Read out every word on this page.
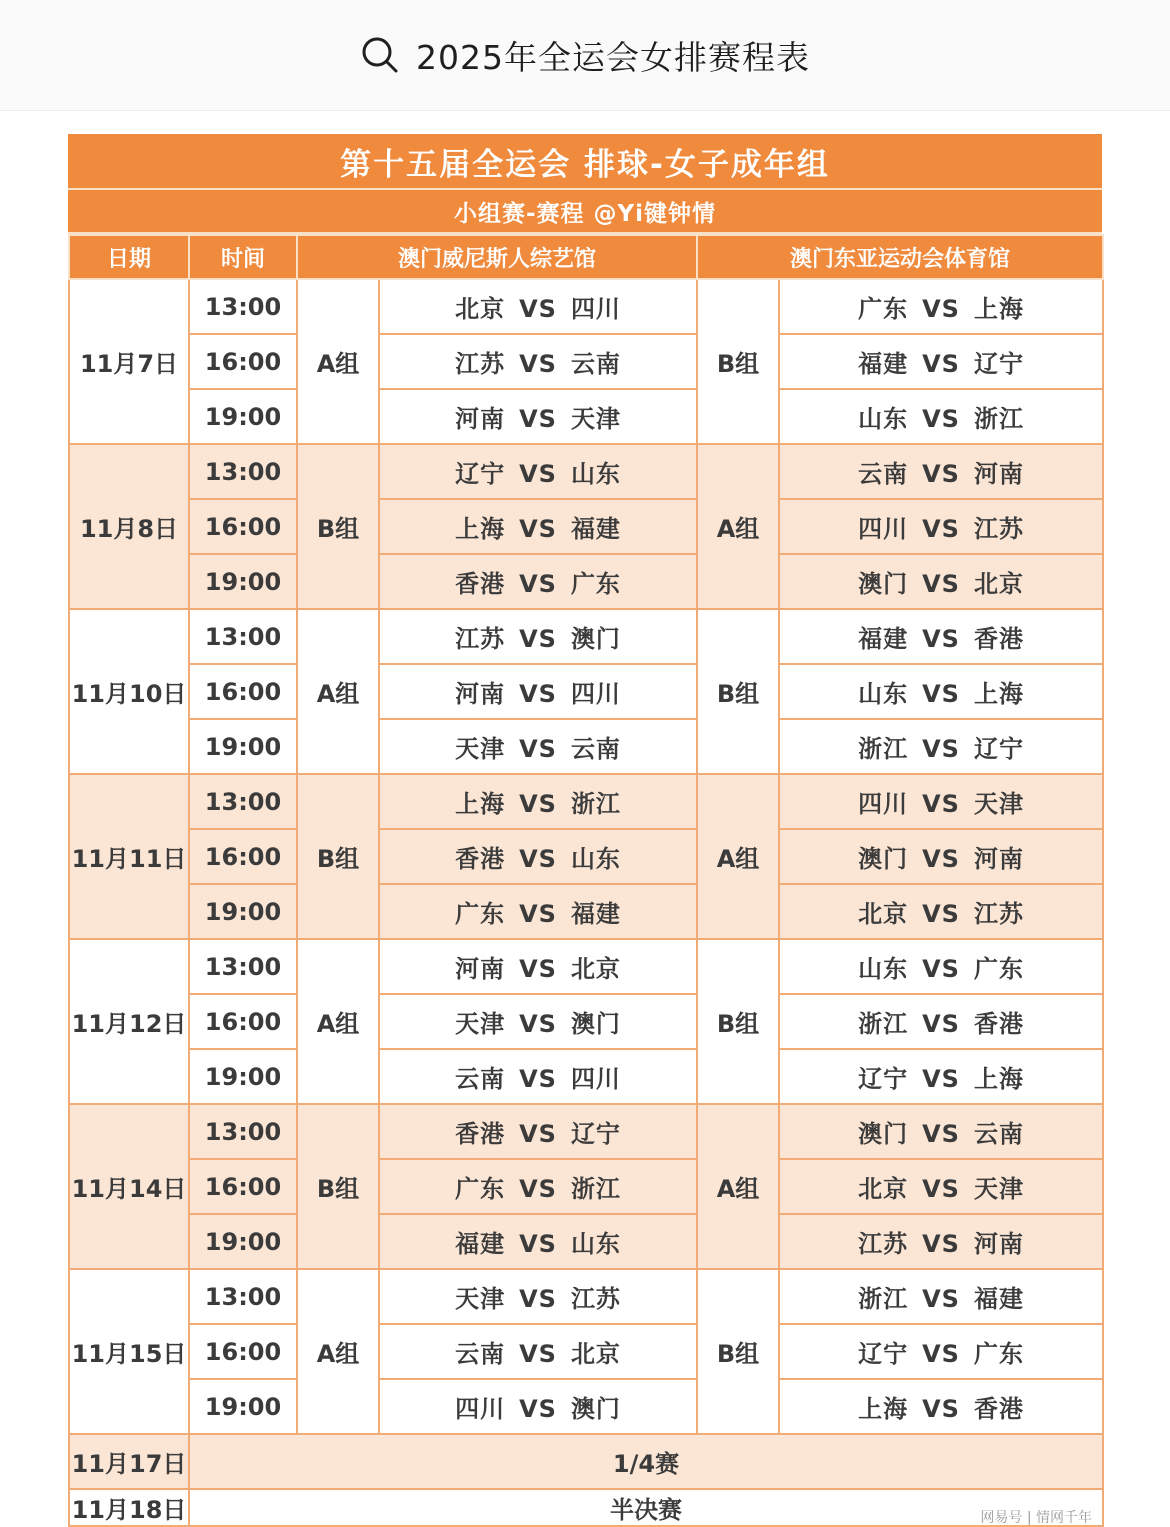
2025年全运会女排赛程表
第十五届全运会 排球-女子成年组
小组赛-赛程 @Yi键钟情
日期	时间	澳门威尼斯人综艺馆		澳门东亚运动会体育馆	
11月7日	13:00	A组	北京 VS 四川	B组	广东 VS 上海
	16:00		江苏 VS 云南		福建 VS 辽宁
	19:00		河南 VS 天津		山东 VS 浙江
11月8日	13:00	B组	辽宁 VS 山东	A组	云南 VS 河南
	16:00		上海 VS 福建		四川 VS 江苏
	19:00		香港 VS 广东		澳门 VS 北京
11月10日	13:00	A组	江苏 VS 澳门	B组	福建 VS 香港
	16:00		河南 VS 四川		山东 VS 上海
	19:00		天津 VS 云南		浙江 VS 辽宁
11月11日	13:00	B组	上海 VS 浙江	A组	四川 VS 天津
	16:00		香港 VS 山东		澳门 VS 河南
	19:00		广东 VS 福建		北京 VS 江苏
11月12日	13:00	A组	河南 VS 北京	B组	山东 VS 广东
	16:00		天津 VS 澳门		浙江 VS 香港
	19:00		云南 VS 四川		辽宁 VS 上海
11月14日	13:00	B组	香港 VS 辽宁	A组	澳门 VS 云南
	16:00		广东 VS 浙江		北京 VS 天津
	19:00		福建 VS 山东		江苏 VS 河南
11月15日	13:00	A组	天津 VS 江苏	B组	浙江 VS 福建
	16:00		云南 VS 北京		辽宁 VS 广东
	19:00		四川 VS 澳门		上海 VS 香港
11月17日	1/4赛				
11月18日	半决赛					网易号 | 情网千年
